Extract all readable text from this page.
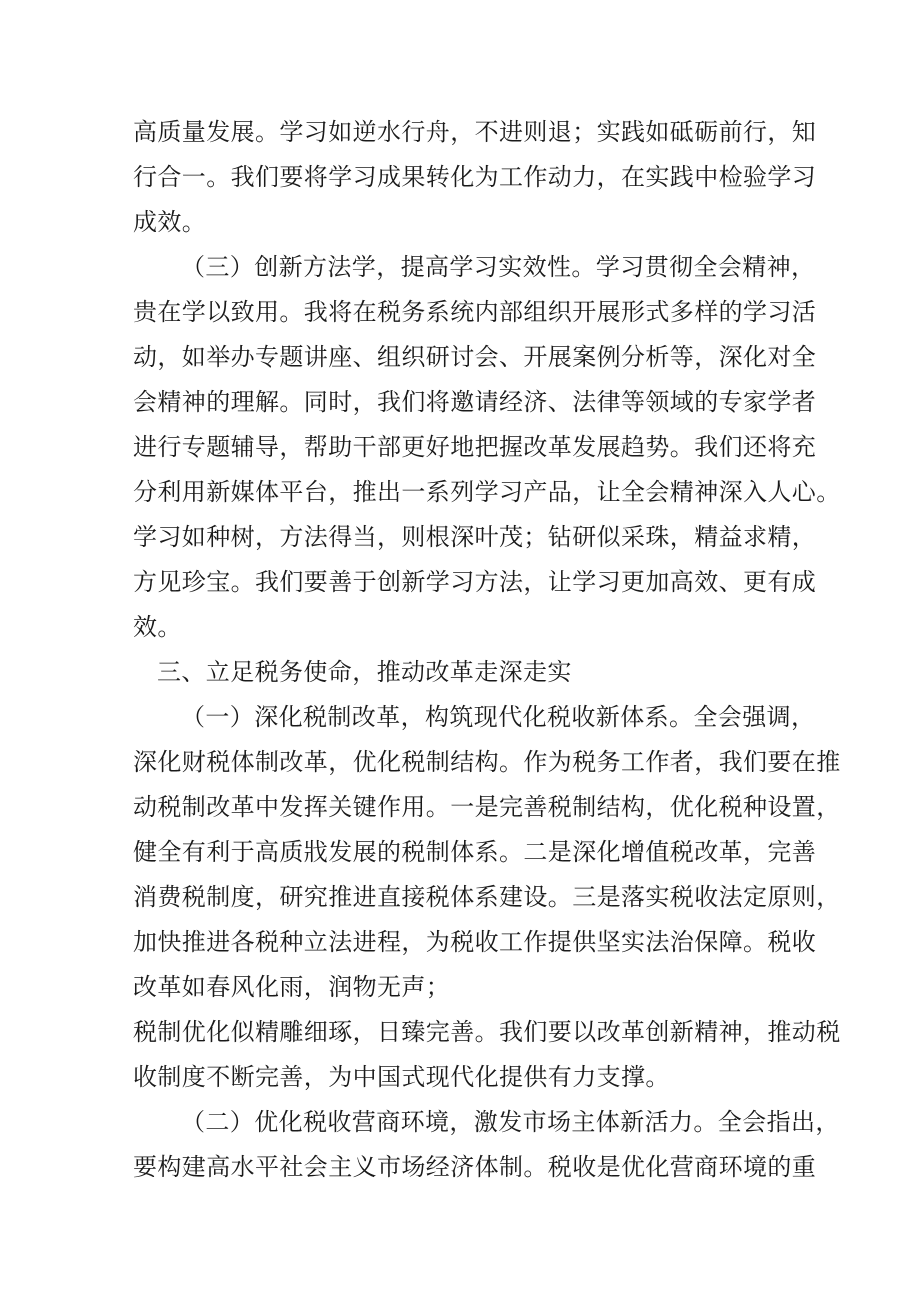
高质量发展。学习如逆水行舟，不进则退；实践如砥砺前行，知
行合一。我们要将学习成果转化为工作动力，在实践中检验学习
成效。
（三）创新方法学，提高学习实效性。学习贯彻全会精神，
贵在学以致用。我将在税务系统内部组织开展形式多样的学习活
动，如举办专题讲座、组织研讨会、开展案例分析等，深化对全
会精神的理解。同时，我们将邀请经济、法律等领域的专家学者
进行专题辅导，帮助干部更好地把握改革发展趋势。我们还将充
分利用新媒体平台，推出一系列学习产品，让全会精神深入人心。
学习如种树，方法得当，则根深叶茂；钻研似采珠，精益求精，
方见珍宝。我们要善于创新学习方法，让学习更加高效、更有成
效。
三、立足税务使命，推动改革走深走实
（一）深化税制改革，构筑现代化税收新体系。全会强调，
深化财税体制改革，优化税制结构。作为税务工作者，我们要在推
动税制改革中发挥关键作用。一是完善税制结构，优化税种设置，
健全有利于高质戕发展的税制体系。二是深化增值税改革，完善
消费税制度，研究推进直接税体系建设。三是落实税收法定原则，
加快推进各税种立法进程，为税收工作提供坚实法治保障。税收
改革如春风化雨，润物无声；
税制优化似精雕细琢，日臻完善。我们要以改革创新精神，推动税
收制度不断完善，为中国式现代化提供有力支撑。
（二）优化税收营商环境，激发市场主体新活力。全会指出，
要构建高水平社会主义市场经济体制。税收是优化营商环境的重
